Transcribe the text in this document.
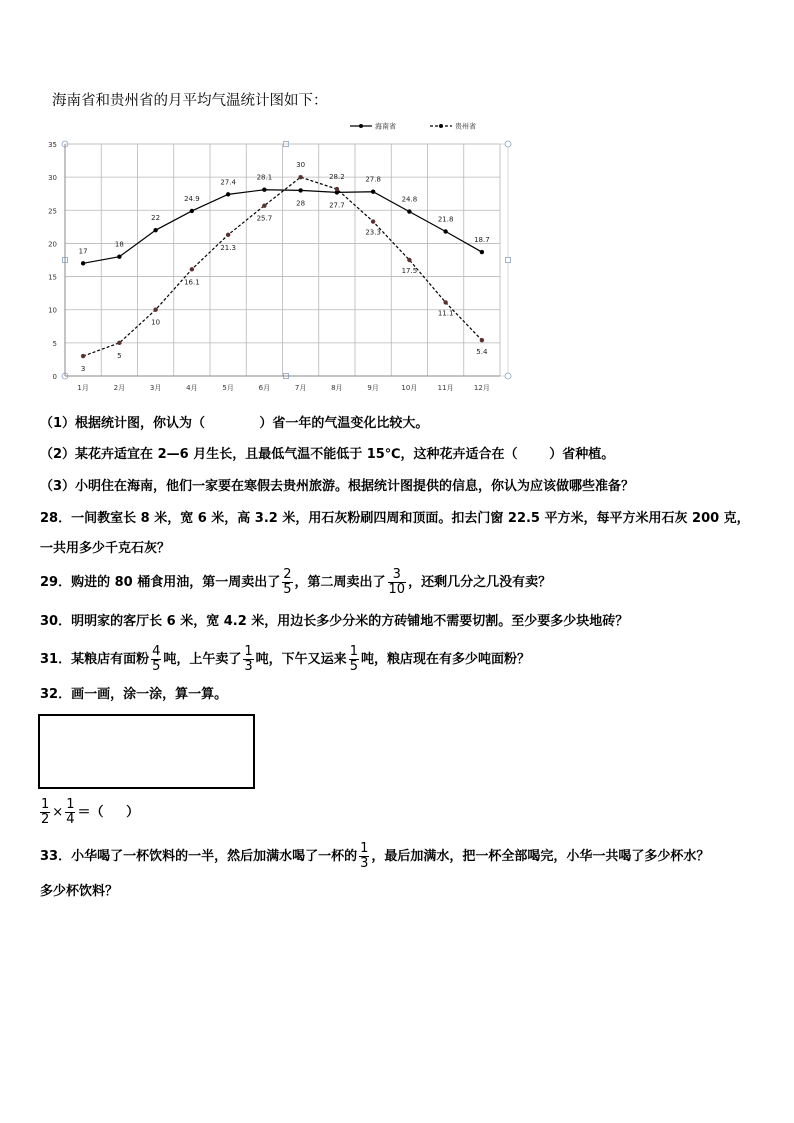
海南省和贵州省的月平均气温统计图如下：
0
5
10
15
20
25
30
35
1月	2月	3月	4月	5月	6月	7月	8月	9月	10月	11月	12月
17
18
22
24.9
27.4
28.1
28	27.7
27.8
24.8
21.8
18.7
3
5
10
16.1
21.3
25.7
30
28.2
23.3
17.5
11.1
5.4
海南省	贵州省
（1）根据统计图，你认为（	）省一年的气温变化比较大。
（2）某花卉适宜在 2—6 月生长，且最低气温不能低于 15℃，这种花卉适合在（ ）省种植。
（3）小明住在海南，他们一家要在寒假去贵州旅游。根据统计图提供的信息，你认为应该做哪些准备？
28．一间教室长 8 米，宽 6 米，高 3.2 米，用石灰粉刷四周和顶面。扣去门窗 22.5 平方米，每平方米用石灰 200 克，
一共用多少千克石灰？
29．购进的 80 桶食用油，第一周卖出了 $\frac{2}{5}$ ，第二周卖出了 $\frac{3}{10}$ ，还剩几分之几没有卖？
30．明明家的客厅长 6 米，宽 4.2 米，用边长多少分米的方砖铺地不需要切割。至少要多少块地砖？
31．某粮店有面粉 $\frac{4}{5}$ 吨，上午卖了 $\frac{1}{3}$ 吨，下午又运来 $\frac{1}{5}$ 吨，粮店现在有多少吨面粉？
32．画一画，涂一涂，算一算。
$\frac{1}{2} \times \frac{1}{4}$ ＝（ ）
33．小华喝了一杯饮料的一半，然后加满水喝了一杯的 $\frac{1}{3}$ ，最后加满水，把一杯全部喝完，小华一共喝了多少杯水？
多少杯饮料？
